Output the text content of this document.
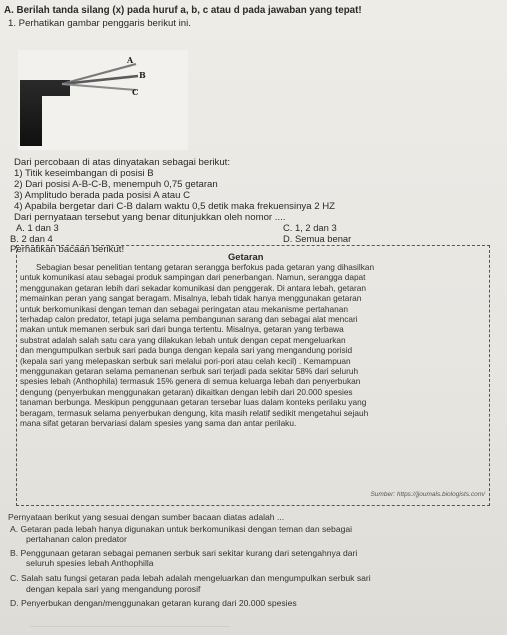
A. Berilah tanda silang (x) pada huruf a, b, c atau d pada jawaban yang tepat!
1. Perhatikan gambar penggaris berikut ini.
A
B
C
Dari percobaan di atas dinyatakan sebagai berikut:
1) Titik keseimbangan di posisi B
2) Dari posisi A-B-C-B, menempuh 0,75 getaran
3) Amplitudo berada pada posisi A atau C
4) Apabila bergetar dari C-B dalam waktu 0,5 detik maka frekuensinya 2 HZ
Dari pernyataan tersebut yang benar ditunjukkan oleh nomor ....
A. 1 dan 3	C. 1, 2 dan 3
B. 2 dan 4	D. Semua benar
Perhatikan bacaan berikut!
Getaran
Sebagian besar penelitian tentang getaran serangga berfokus pada getaran yang dihasilkan
untuk komunikasi atau sebagai produk sampingan dari penerbangan. Namun, serangga dapat
menggunakan getaran lebih dari sekadar komunikasi dan penggerak. Di antara lebah, getaran
memainkan peran yang sangat beragam. Misalnya, lebah tidak hanya menggunakan getaran
untuk berkomunikasi dengan teman dan sebagai peringatan atau mekanisme pertahanan
terhadap calon predator, tetapi juga selama pembangunan sarang dan sebagai alat mencari
makan untuk memanen serbuk sari dari bunga tertentu. Misalnya, getaran yang terbawa
substrat adalah salah satu cara yang dilakukan lebah untuk dengan cepat mengeluarkan
dan mengumpulkan serbuk sari pada bunga dengan kepala sari yang mengandung porisid
(kepala sari yang melepaskan serbuk sari melalui pori-pori atau celah kecil) . Kemampuan
menggunakan getaran selama pemanenan serbuk sari terjadi pada sekitar 58% dari seluruh
spesies lebah (Anthophila) termasuk 15% genera di semua keluarga lebah dan penyerbukan
dengung (penyerbukan menggunakan getaran) dikaitkan dengan lebih dari 20.000 spesies
tanaman berbunga. Meskipun penggunaan getaran tersebar luas dalam konteks perilaku yang
beragam, termasuk selama penyerbukan dengung, kita masih relatif sedikit mengetahui sejauh
mana sifat getaran bervariasi dalam spesies yang sama dan antar perilaku.
Sumber: https://jjoumals.biologists.com/
Pernyataan berikut yang sesuai dengan sumber bacaan diatas adalah ...
A. Getaran pada lebah hanya digunakan untuk berkomunikasi dengan teman dan sebagai
pertahanan calon predator
B. Penggunaan getaran sebagai pemanen serbuk sari sekitar kurang dari setengahnya dari
seluruh spesies lebah Anthophilla
C. Salah satu fungsi getaran pada lebah adalah mengeluarkan dan mengumpulkan serbuk sari
dengan kepala sari yang mengandung porosif
D. Penyerbukan dengan/menggunakan getaran kurang dari 20.000 spesies
